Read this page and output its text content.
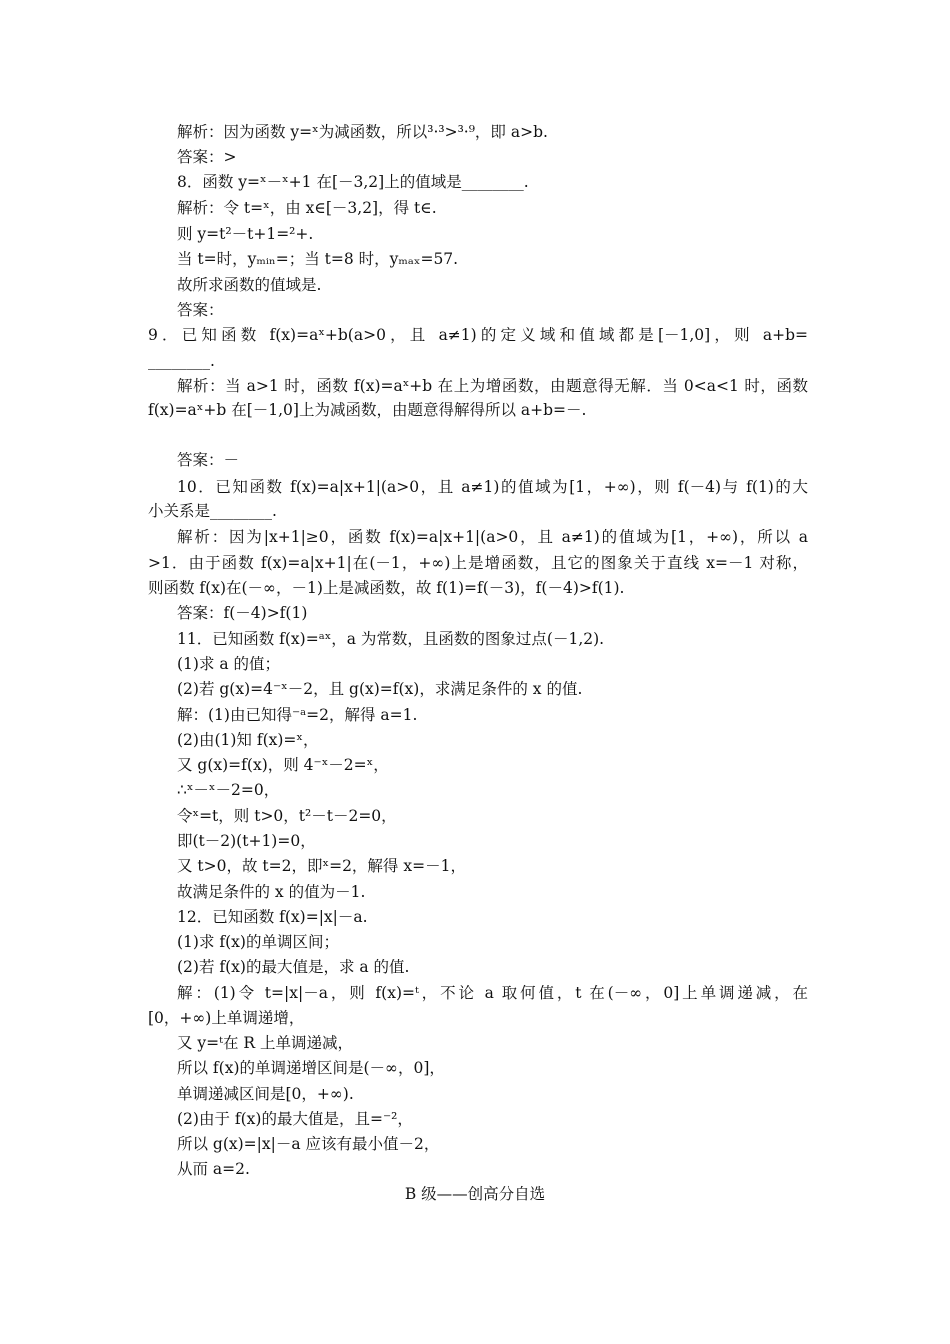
解析：因为函数 y=ˣ为减函数，所以³·³>³·⁹，即 a>b.
答案：>
8．函数 y=ˣ－ˣ+1 在[－3,2]上的值域是________.
解析：令 t=ˣ，由 x∈[－3,2]，得 t∈.
则 y=t²－t+1=²+.
当 t=时，yₘᵢₙ=；当 t=8 时，yₘₐₓ=57.
故所求函数的值域是.
答案：
9．已知函数 f(x)=aˣ+b(a>0，且 a≠1)的定义域和值域都是[－1,0]，则 a+b=
________.
解析：当 a>1 时，函数 f(x)=aˣ+b 在上为增函数，由题意得无解．当 0<a<1 时，函数
f(x)=aˣ+b 在[－1,0]上为减函数，由题意得解得所以 a+b=－.
答案：－
10．已知函数 f(x)=a|x+1|(a>0，且 a≠1)的值域为[1，+∞)，则 f(－4)与 f(1)的大
小关系是________.
解析：因为|x+1|≥0，函数 f(x)=a|x+1|(a>0，且 a≠1)的值域为[1，+∞)，所以 a
>1．由于函数 f(x)=a|x+1|在(－1，+∞)上是增函数，且它的图象关于直线 x=－1 对称，
则函数 f(x)在(－∞，－1)上是减函数，故 f(1)=f(－3)，f(－4)>f(1).
答案：f(－4)>f(1)
11．已知函数 f(x)=ᵃˣ，a 为常数，且函数的图象过点(－1,2).
(1)求 a 的值；
(2)若 g(x)=4⁻ˣ－2，且 g(x)=f(x)，求满足条件的 x 的值.
解：(1)由已知得⁻ᵃ=2，解得 a=1.
(2)由(1)知 f(x)=ˣ，
又 g(x)=f(x)，则 4⁻ˣ－2=ˣ，
∴ˣ－ˣ－2=0，
令ˣ=t，则 t>0，t²－t－2=0，
即(t－2)(t+1)=0，
又 t>0，故 t=2，即ˣ=2，解得 x=－1，
故满足条件的 x 的值为－1.
12．已知函数 f(x)=|x|－a.
(1)求 f(x)的单调区间；
(2)若 f(x)的最大值是，求 a 的值.
解：(1)令 t=|x|－a，则 f(x)=ᵗ，不论 a 取何值，t 在(－∞，0]上单调递减，在
[0，+∞)上单调递增，
又 y=ᵗ在 R 上单调递减，
所以 f(x)的单调递增区间是(－∞，0]，
单调递减区间是[0，+∞).
(2)由于 f(x)的最大值是，且=⁻²，
所以 g(x)=|x|－a 应该有最小值－2，
从而 a=2.
B 级——创高分自选
